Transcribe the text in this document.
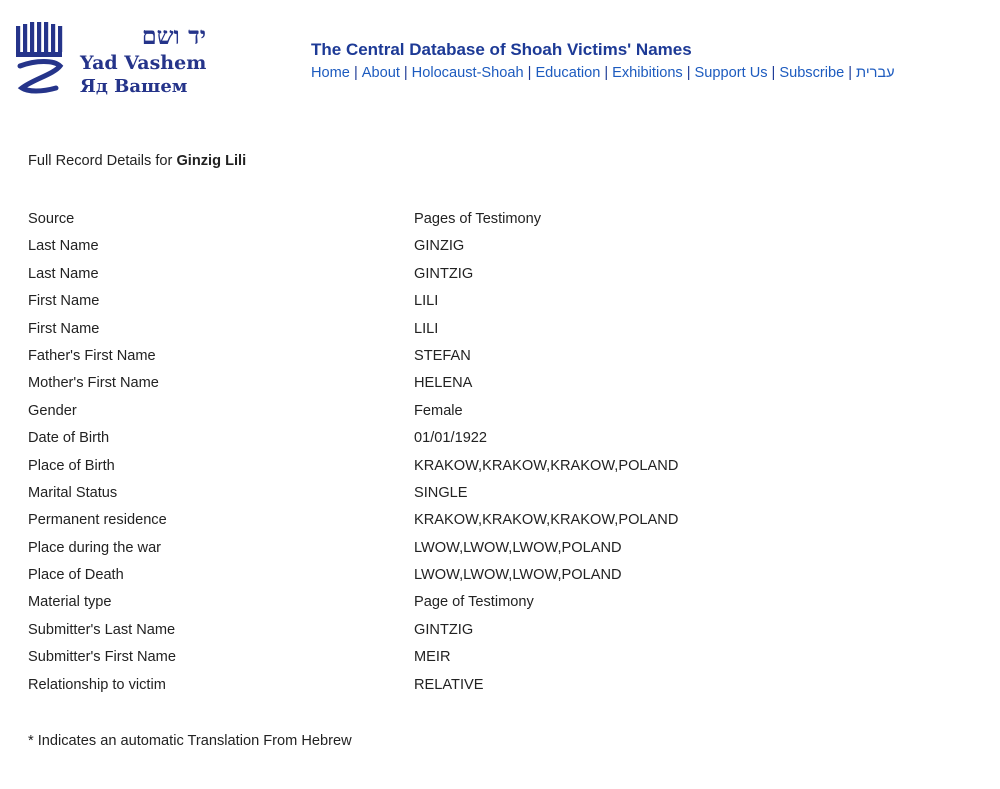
יד ושם
Yad Vashem
Яд Вашем
The Central Database of Shoah Victims' Names
Home | About | Holocaust-Shoah | Education | Exhibitions | Support Us | Subscribe | עברית
Full Record Details for Ginzig Lili
Source	Pages of Testimony
Last Name	GINZIG
Last Name	GINTZIG
First Name	LILI
First Name	LILI
Father's First Name	STEFAN
Mother's First Name	HELENA
Gender	Female
Date of Birth	01/01/1922
Place of Birth	KRAKOW,KRAKOW,KRAKOW,POLAND
Marital Status	SINGLE
Permanent residence	KRAKOW,KRAKOW,KRAKOW,POLAND
Place during the war	LWOW,LWOW,LWOW,POLAND
Place of Death	LWOW,LWOW,LWOW,POLAND
Material type	Page of Testimony
Submitter's Last Name	GINTZIG
Submitter's First Name	MEIR
Relationship to victim	RELATIVE
* Indicates an automatic Translation From Hebrew
